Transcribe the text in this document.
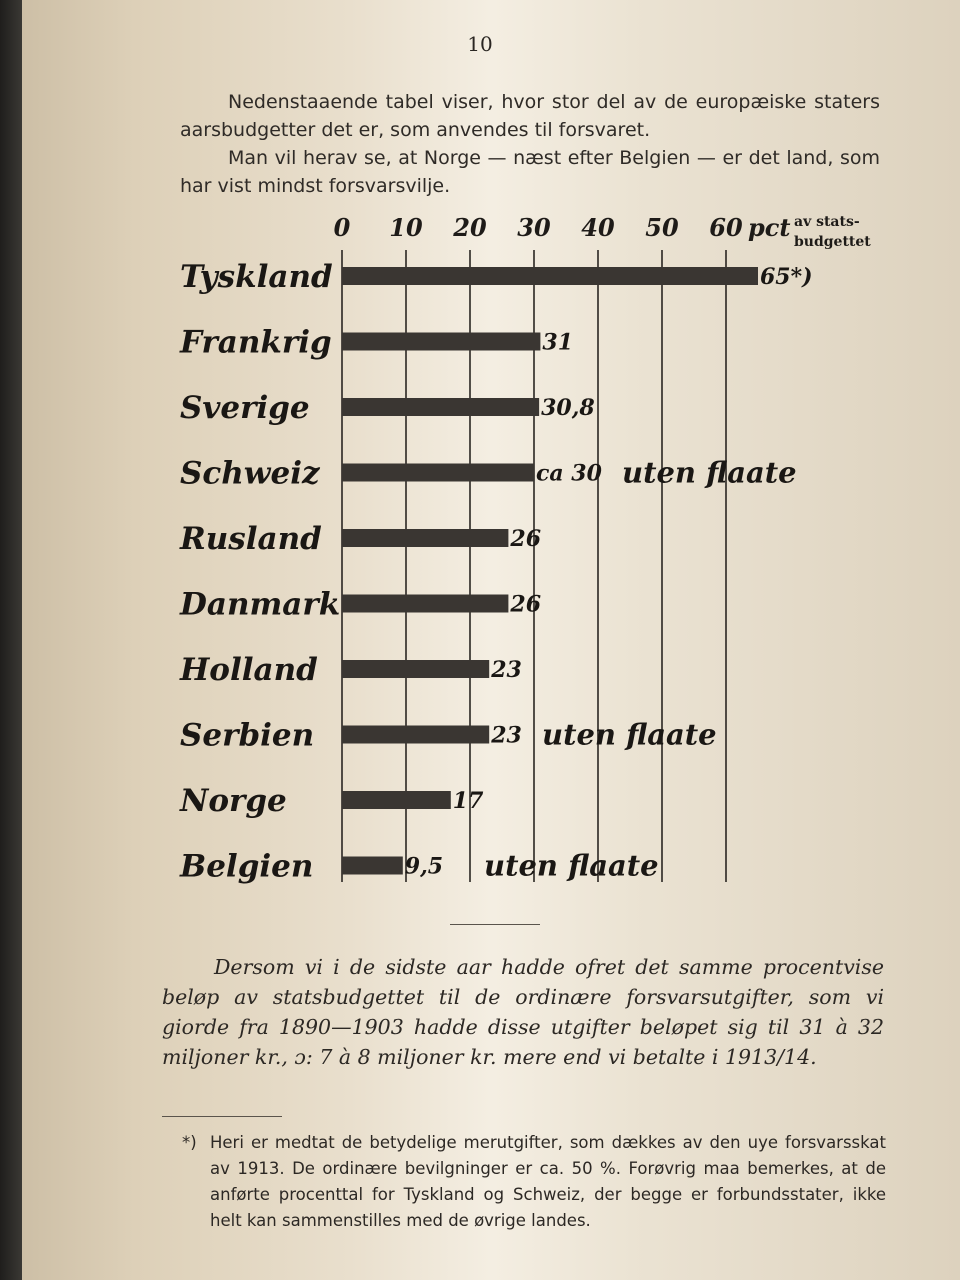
10

Nedenstaaende tabel viser, hvor stor del av de europæiske staters aarsbudgetter det er, som anvendes til forsvaret.

Man vil herav se, at Norge — næst efter Belgien — er det land, som har vist mindst forsvarsvilje.

0 10 20 30 40 50 60 pct av stats-
budgettet
Tyskland	65*)
Frankrig	31
Sverige	30,8
Schweiz	ca 30 uten flaate
Rusland	26
Danmark	26
Holland	23
Serbien	23 uten flaate
Norge	17
Belgien	9,5 uten flaate

Dersom vi i de sidste aar hadde ofret det samme procentvise beløp av statsbudgettet til de ordinære forsvarsutgifter, som vi giorde fra 1890—1903 hadde disse utgifter beløpet sig til 31 à 32 miljoner kr., ɔ: 7 à 8 miljoner kr. mere end vi betalte i 1913/14.

*) Heri er medtat de betydelige merutgifter, som dækkes av den uye forsvarsskat av 1913. De ordinære bevilgninger er ca. 50 %. Forøvrig maa bemerkes, at de anførte procenttal for Tyskland og Schweiz, der begge er forbundsstater, ikke helt kan sammenstilles med de øvrige landes.
